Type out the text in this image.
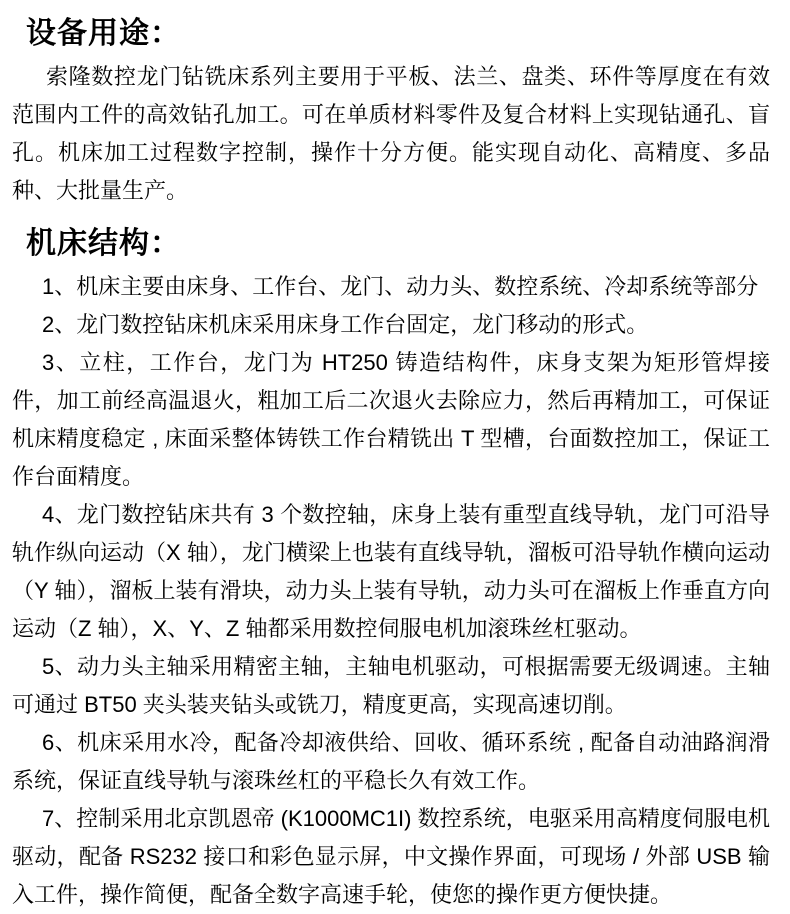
设备用途：

索隆数控龙门钻铣床系列主要用于平板、法兰、盘类、环件等厚度在有效范围内工件的高效钻孔加工。可在单质材料零件及复合材料上实现钻通孔、盲孔。机床加工过程数字控制，操作十分方便。能实现自动化、高精度、多品种、大批量生产。

机床结构：

1、机床主要由床身、工作台、龙门、动力头、数控系统、冷却系统等部分

2、龙门数控钻床机床采用床身工作台固定，龙门移动的形式。

3、立柱，工作台，龙门为 HT250 铸造结构件，床身支架为矩形管焊接件，加工前经高温退火，粗加工后二次退火去除应力，然后再精加工，可保证机床精度稳定 , 床面采整体铸铁工作台精铣出 T 型槽，台面数控加工，保证工作台面精度。

4、龙门数控钻床共有 3 个数控轴，床身上装有重型直线导轨，龙门可沿导轨作纵向运动（X 轴），龙门横梁上也装有直线导轨，溜板可沿导轨作横向运动（Y 轴），溜板上装有滑块，动力头上装有导轨，动力头可在溜板上作垂直方向运动（Z 轴），X、Y、Z 轴都采用数控伺服电机加滚珠丝杠驱动。

5、动力头主轴采用精密主轴，主轴电机驱动，可根据需要无级调速。主轴可通过 BT50 夹头装夹钻头或铣刀，精度更高，实现高速切削。

6、机床采用水冷，配备冷却液供给、回收、循环系统 , 配备自动油路润滑系统，保证直线导轨与滚珠丝杠的平稳长久有效工作。

7、控制采用北京凯恩帝 (K1000MC1I) 数控系统，电驱采用高精度伺服电机驱动，配备 RS232 接口和彩色显示屏，中文操作界面，可现场 / 外部 USB 输入工件，操作简便，配备全数字高速手轮，使您的操作更方便快捷。
